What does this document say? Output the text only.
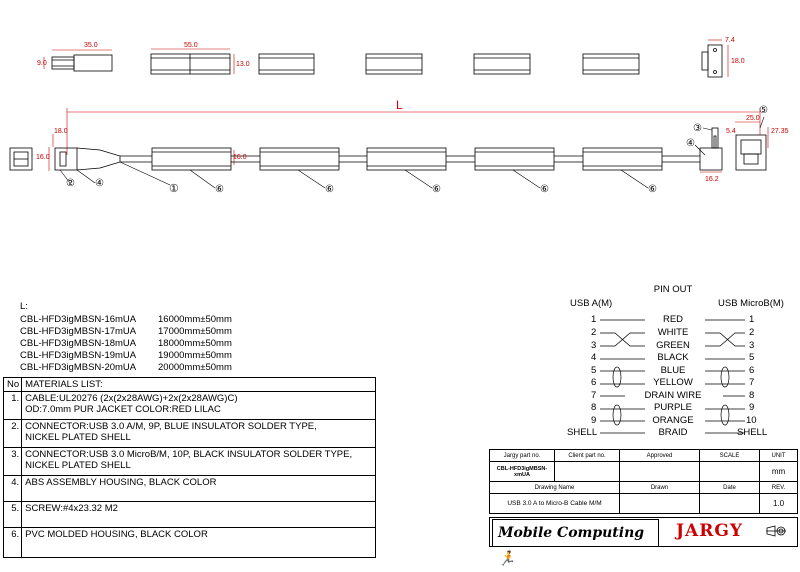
35.0
9.0
55.0
13.0
7.4
18.0
L
18.0
16.0	16.0
25.0
27.35
5.4
16.2
①
② ④
③
④
⑤
⑥	⑥	⑥	⑥	⑥
L:
CBL-HFD3igMBSN-16mUA 16000mm±50mm
CBL-HFD3igMBSN-17mUA 17000mm±50mm
CBL-HFD3igMBSN-18mUA 18000mm±50mm
CBL-HFD3igMBSN-19mUA 19000mm±50mm
CBL-HFD3igMBSN-20mUA 20000mm±50mm
No	MATERIALS LIST:
1.	CABLE:UL20276 (2x(2x28AWG)+2x(2x28AWG)C)
OD:7.0mm PUR JACKET COLOR:RED LILAC

2.	CONNECTOR:USB 3.0 A/M, 9P, BLUE INSULATOR SOLDER TYPE,
NICKEL PLATED SHELL

3.	CONNECTOR:USB 3.0 MicroB/M, 10P, BLACK INSULATOR SOLDER TYPE,
NICKEL PLATED SHELL

4.	ABS ASSEMBLY HOUSING, BLACK COLOR
5.	SCREW:#4x23.32 M2
6.	PVC MOLDED HOUSING, BLACK COLOR
PIN OUT
USB A(M)	USB MicroB(M)
1	RED	1
2	WHITE	2
3	GREEN	3
4	BLACK	5
5	BLUE	6
6	YELLOW	7
7	DRAIN WIRE	8
8	PURPLE	9
9	ORANGE	10
SHELL	BRAID	SHELL
Jargy part no.	Client part no.	Approved	SCALE	UNIT
CBL-HFD3igMBSN-xmUA				mm
Drawing Name		Drawn	Date	REV.
USB 3.0 A to Micro-B Cable M/M				1.0
Mobile Computing 🏃
JARGY
